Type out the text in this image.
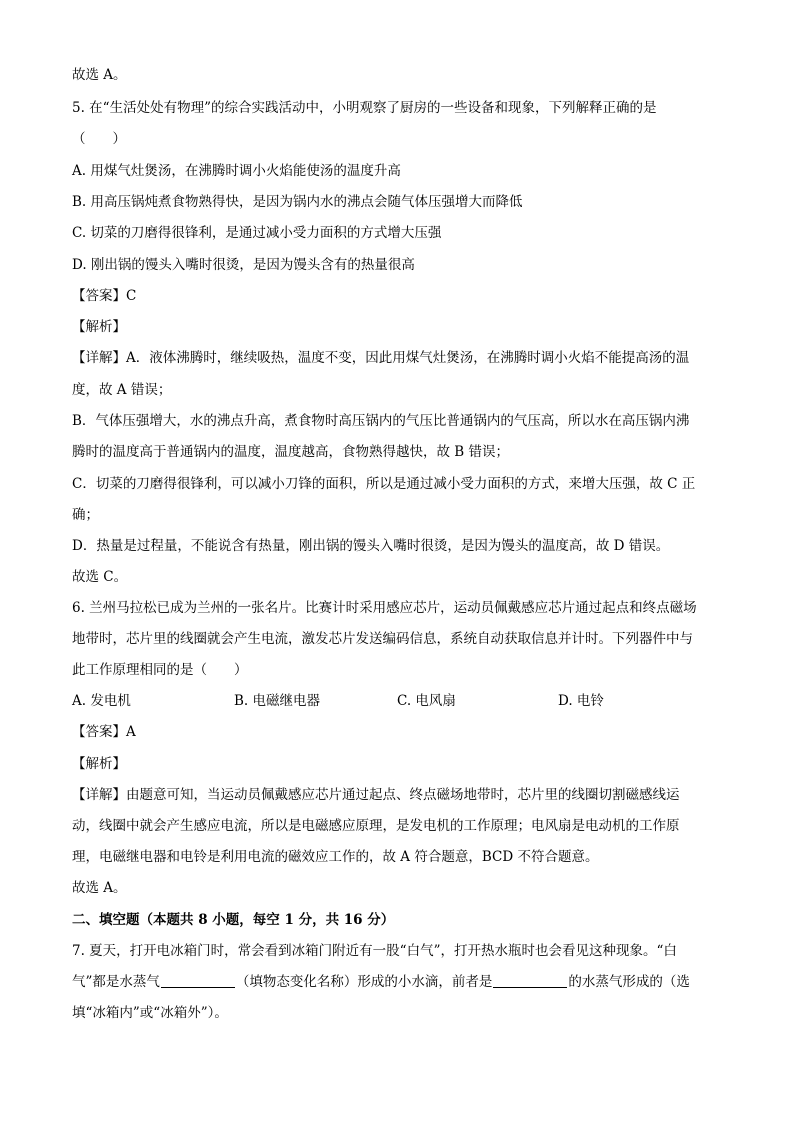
故选 A。
5. 在“生活处处有物理”的综合实践活动中，小明观察了厨房的一些设备和现象，下列解释正确的是
（　　）
A. 用煤气灶煲汤，在沸腾时调小火焰能使汤的温度升高
B. 用高压锅炖煮食物熟得快，是因为锅内水的沸点会随气体压强增大而降低
C. 切菜的刀磨得很锋利，是通过减小受力面积的方式增大压强
D. 刚出锅的馒头入嘴时很烫，是因为馒头含有的热量很高
【答案】C
【解析】
【详解】A．液体沸腾时，继续吸热，温度不变，因此用煤气灶煲汤，在沸腾时调小火焰不能提高汤的温
度，故 A 错误；
B．气体压强增大，水的沸点升高，煮食物时高压锅内的气压比普通锅内的气压高，所以水在高压锅内沸
腾时的温度高于普通锅内的温度，温度越高，食物熟得越快，故 B 错误；
C．切菜的刀磨得很锋利，可以减小刀锋的面积，所以是通过减小受力面积的方式，来增大压强，故 C 正
确；
D．热量是过程量，不能说含有热量，刚出锅的馒头入嘴时很烫，是因为馒头的温度高，故 D 错误。
故选 C。
6. 兰州马拉松已成为兰州的一张名片。比赛计时采用感应芯片，运动员佩戴感应芯片通过起点和终点磁场
地带时，芯片里的线圈就会产生电流，激发芯片发送编码信息，系统自动获取信息并计时。下列器件中与
此工作原理相同的是（　　）
A. 发电机	B. 电磁继电器	C. 电风扇	D. 电铃
【答案】A
【解析】
【详解】由题意可知，当运动员佩戴感应芯片通过起点、终点磁场地带时，芯片里的线圈切割磁感线运
动，线圈中就会产生感应电流，所以是电磁感应原理，是发电机的工作原理；电风扇是电动机的工作原
理，电磁继电器和电铃是利用电流的磁效应工作的，故 A 符合题意，BCD 不符合题意。
故选 A。
二、填空题（本题共 8 小题，每空 1 分，共 16 分）
7. 夏天，打开电冰箱门时，常会看到冰箱门附近有一股“白气”，打开热水瓶时也会看见这种现象。“白
气”都是水蒸气	（填物态变化名称）形成的小水滴，前者是	的水蒸气形成的（选
填“冰箱内”或“冰箱外”）。
